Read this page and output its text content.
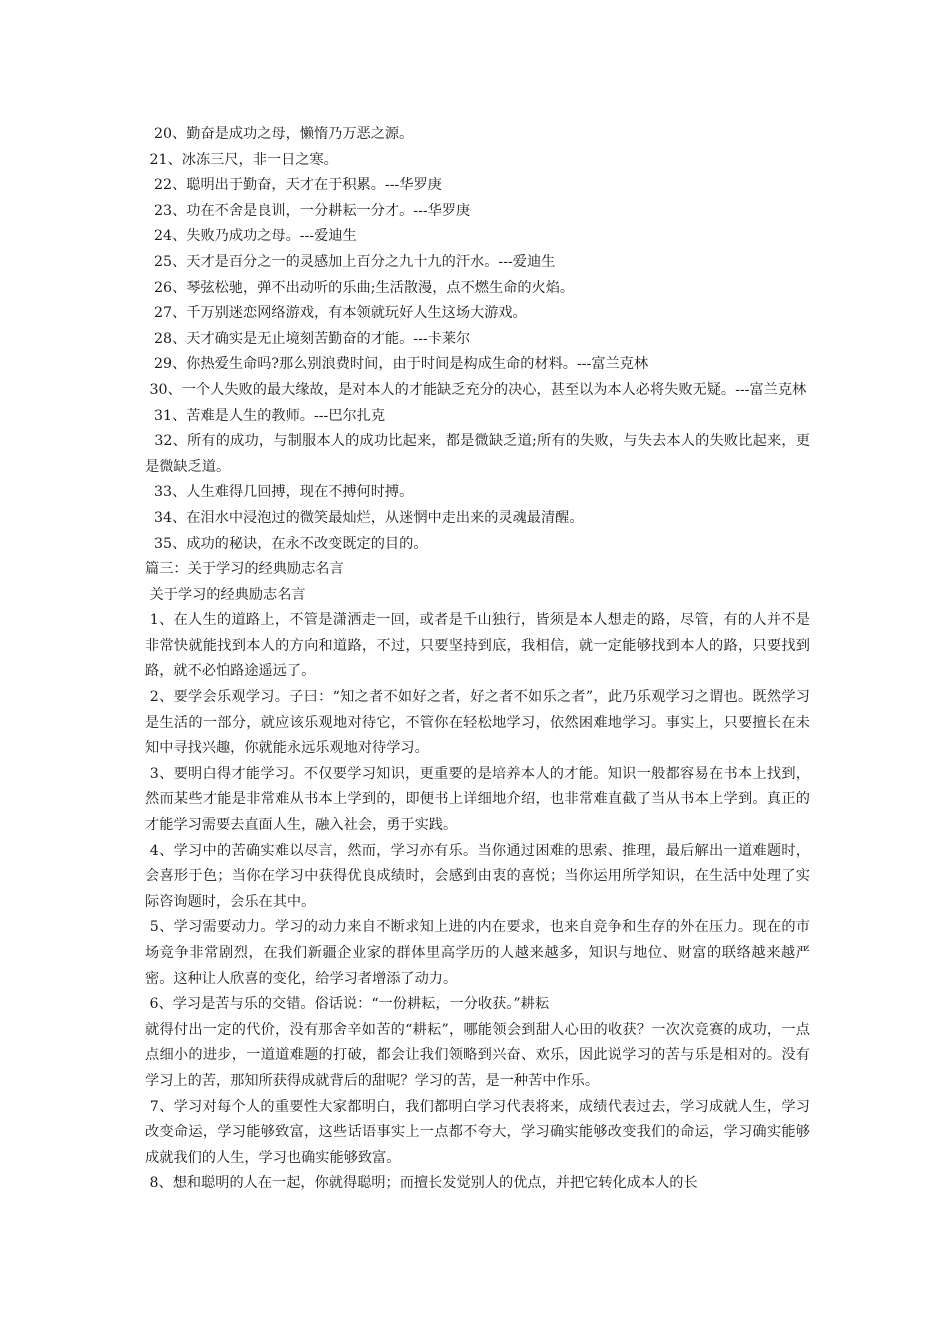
20、勤奋是成功之母，懒惰乃万恶之源。

21、冰冻三尺，非一日之寒。

22、聪明出于勤奋，天才在于积累。---华罗庚

23、功在不舍是良训，一分耕耘一分才。---华罗庚

24、失败乃成功之母。---爱迪生

25、天才是百分之一的灵感加上百分之九十九的汗水。---爱迪生

26、琴弦松驰，弹不出动听的乐曲;生活散漫，点不燃生命的火焰。

27、千万别迷恋网络游戏，有本领就玩好人生这场大游戏。

28、天才确实是无止境刻苦勤奋的才能。---卡莱尔

29、你热爱生命吗?那么别浪费时间，由于时间是构成生命的材料。---富兰克林

30、一个人失败的最大缘故，是对本人的才能缺乏充分的决心，甚至以为本人必将失败无疑。---富兰克林

31、苦难是人生的教师。---巴尔扎克

32、所有的成功，与制服本人的成功比起来，都是微缺乏道;所有的失败，与失去本人的失败比起来，更是微缺乏道。

33、人生难得几回搏，现在不搏何时搏。

34、在泪水中浸泡过的微笑最灿烂，从迷惘中走出来的灵魂最清醒。

35、成功的秘诀，在永不改变既定的目的。

篇三：关于学习的经典励志名言

关于学习的经典励志名言

1、在人生的道路上，不管是潇洒走一回，或者是千山独行，皆须是本人想走的路，尽管，有的人并不是非常快就能找到本人的方向和道路，不过，只要坚持到底，我相信，就一定能够找到本人的路，只要找到路，就不必怕路途遥远了。

2、要学会乐观学习。子曰：“知之者不如好之者，好之者不如乐之者”，此乃乐观学习之谓也。既然学习是生活的一部分，就应该乐观地对待它，不管你在轻松地学习，依然困难地学习。事实上，只要擅长在未知中寻找兴趣，你就能永远乐观地对待学习。

3、要明白得才能学习。不仅要学习知识，更重要的是培养本人的才能。知识一般都容易在书本上找到，然而某些才能是非常难从书本上学到的，即便书上详细地介绍，也非常难直截了当从书本上学到。真正的才能学习需要去直面人生，融入社会，勇于实践。

4、学习中的苦确实难以尽言，然而，学习亦有乐。当你通过困难的思索、推理，最后解出一道难题时，会喜形于色；当你在学习中获得优良成绩时，会感到由衷的喜悦；当你运用所学知识，在生活中处理了实际咨询题时，会乐在其中。

5、学习需要动力。学习的动力来自不断求知上进的内在要求，也来自竞争和生存的外在压力。现在的市场竞争非常剧烈，在我们新疆企业家的群体里高学历的人越来越多，知识与地位、财富的联络越来越严密。这种让人欣喜的变化，给学习者增添了动力。

6、学习是苦与乐的交错。俗话说：“一份耕耘，一分收获。”耕耘

就得付出一定的代价，没有那舍辛如苦的“耕耘”，哪能领会到甜人心田的收获？一次次竞赛的成功，一点点细小的进步，一道道难题的打破，都会让我们领略到兴奋、欢乐，因此说学习的苦与乐是相对的。没有学习上的苦，那知所获得成就背后的甜呢？学习的苦，是一种苦中作乐。

7、学习对每个人的重要性大家都明白，我们都明白学习代表将来，成绩代表过去，学习成就人生，学习改变命运，学习能够致富，这些话语事实上一点都不夸大，学习确实能够改变我们的命运，学习确实能够成就我们的人生，学习也确实能够致富。

8、想和聪明的人在一起，你就得聪明；而擅长发觉别人的优点，并把它转化成本人的长
